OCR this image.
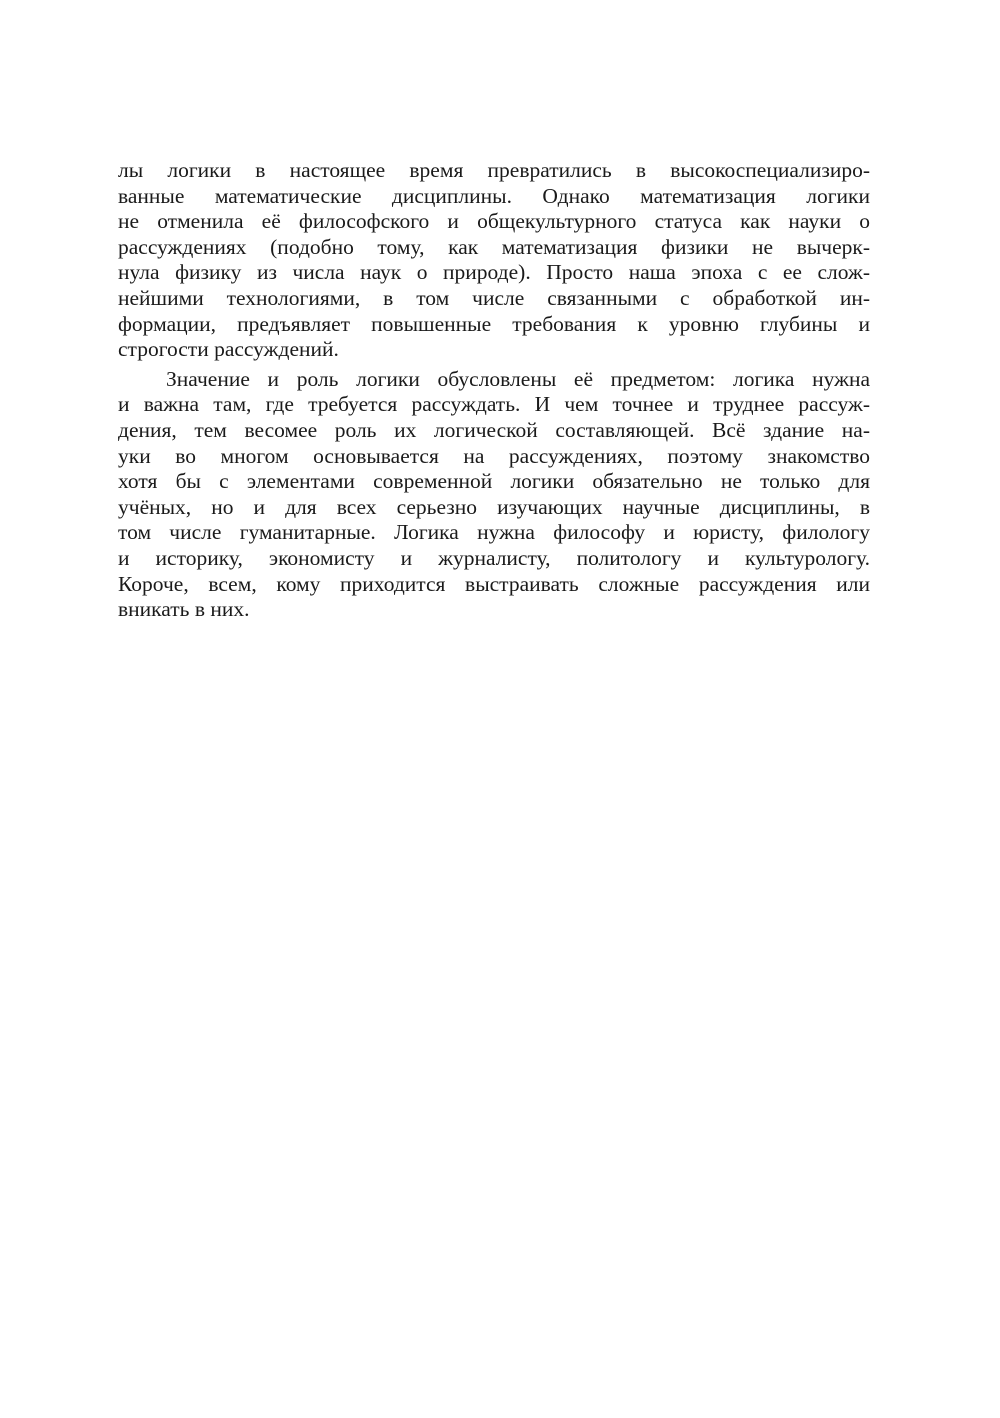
лы логики в настоящее время превратились в высокоспециализиро-
ванные математические дисциплины. Однако математизация логики
не отменила её философского и общекультурного статуса как науки о
рассуждениях (подобно тому, как математизация физики не вычерк-
нула физику из числа наук о природе). Просто наша эпоха с ее слож-
нейшими технологиями, в том числе связанными с обработкой ин-
формации, предъявляет повышенные требования к уровню глубины и
строгости рассуждений.
Значение и роль логики обусловлены её предметом: логика нужна
и важна там, где требуется рассуждать. И чем точнее и труднее рассуж-
дения, тем весомее роль их логической составляющей. Всё здание на-
уки во многом основывается на рассуждениях, поэтому знакомство
хотя бы с элементами современной логики обязательно не только для
учёных, но и для всех серьезно изучающих научные дисциплины, в
том числе гуманитарные. Логика нужна философу и юристу, филологу
и историку, экономисту и журналисту, политологу и культурологу.
Короче, всем, кому приходится выстраивать сложные рассуждения или
вникать в них.
